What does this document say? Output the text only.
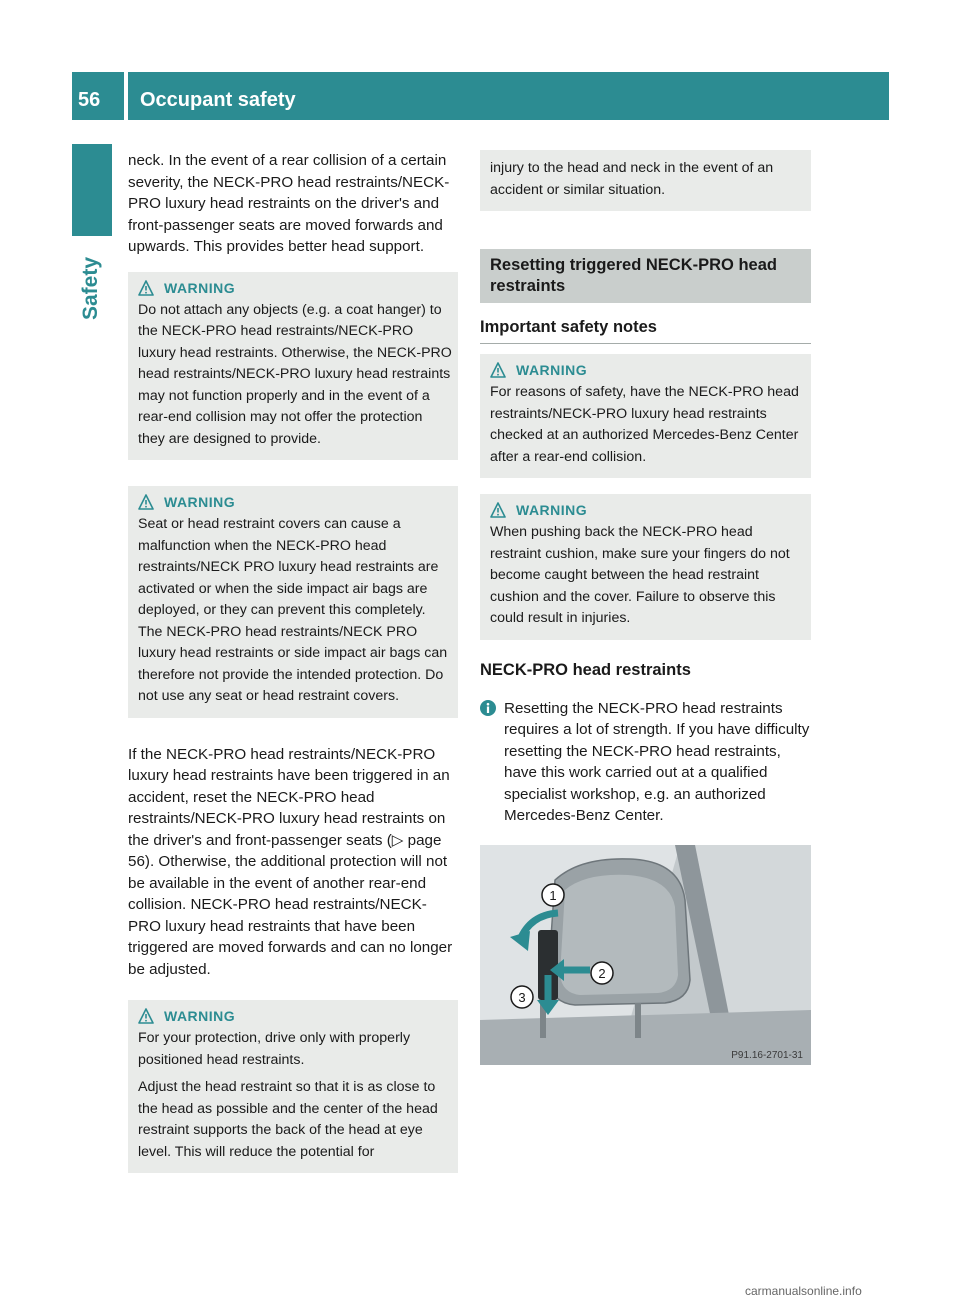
56	Occupant safety
Safety

neck. In the event of a rear collision of a certain severity, the NECK-PRO head restraints/NECK-PRO luxury head restraints on the driver's and front-passenger seats are moved forwards and upwards. This provides better head support.

WARNING

Do not attach any objects (e.g. a coat hanger) to the NECK-PRO head restraints/NECK-PRO luxury head restraints. Otherwise, the NECK-PRO head restraints/NECK-PRO luxury head restraints may not function properly and in the event of a rear-end collision may not offer the protection they are designed to provide.

WARNING

Seat or head restraint covers can cause a malfunction when the NECK-PRO head restraints/NECK PRO luxury head restraints are activated or when the side impact air bags are deployed, or they can prevent this completely. The NECK-PRO head restraints/NECK PRO luxury head restraints or side impact air bags can therefore not provide the intended protection. Do not use any seat or head restraint covers.

If the NECK-PRO head restraints/NECK-PRO luxury head restraints have been triggered in an accident, reset the NECK-PRO head restraints/NECK-PRO luxury head restraints on the driver's and front-passenger seats (▷ page 56). Otherwise, the additional protection will not be available in the event of another rear-end collision. NECK-PRO head restraints/NECK-PRO luxury head restraints that have been triggered are moved forwards and can no longer be adjusted.

WARNING

For your protection, drive only with properly positioned head restraints.

Adjust the head restraint so that it is as close to the head as possible and the center of the head restraint supports the back of the head at eye level. This will reduce the potential for

injury to the head and neck in the event of an accident or similar situation.

Resetting triggered NECK-PRO head restraints

Important safety notes
WARNING

For reasons of safety, have the NECK-PRO head restraints/NECK-PRO luxury head restraints checked at an authorized Mercedes-Benz Center after a rear-end collision.

WARNING

When pushing back the NECK-PRO head restraint cushion, make sure your fingers do not become caught between the head restraint cushion and the cover. Failure to observe this could result in injuries.

NECK-PRO head restraints
Resetting the NECK-PRO head restraints requires a lot of strength. If you have difficulty resetting the NECK-PRO head restraints, have this work carried out at a qualified specialist workshop, e.g. an authorized Mercedes-Benz Center.
1
2
3
P91.16-2701-31
carmanualsonline.info
